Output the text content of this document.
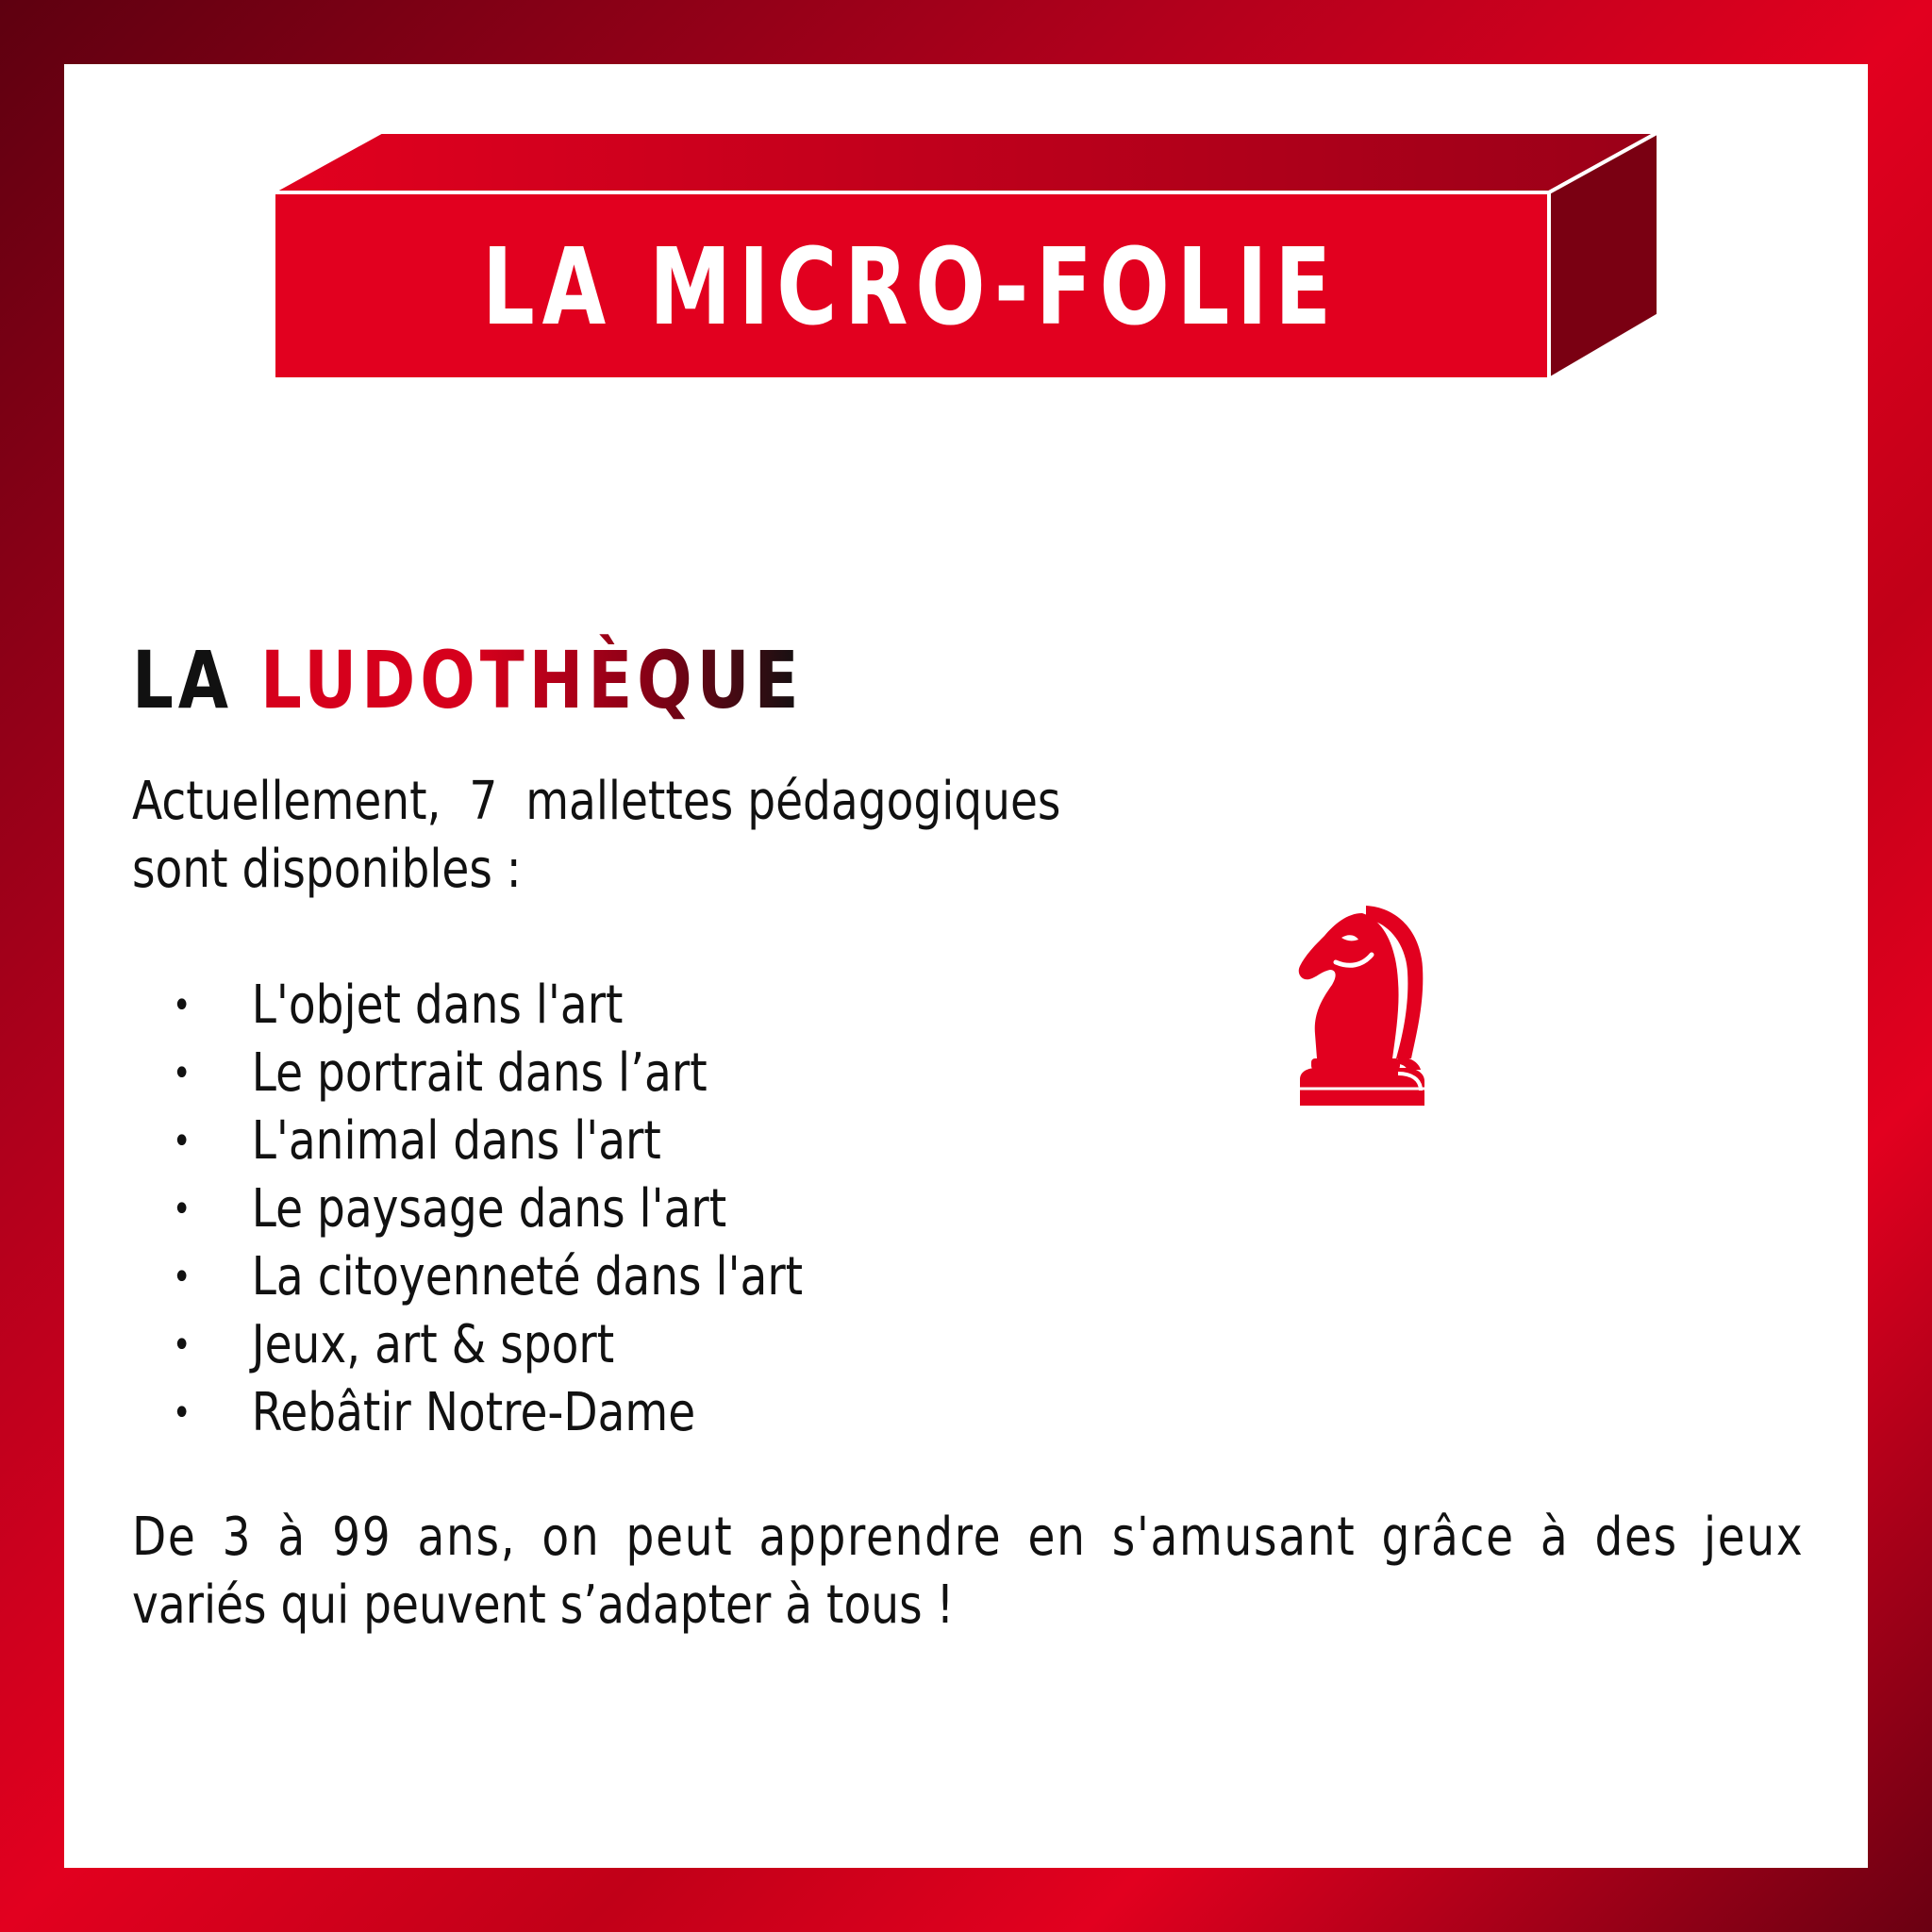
LA MICRO-FOLIE
LA LUDOTHÈQUE
Actuellement,  7  mallettes pédagogiques
sont disponibles :
•	L'objet dans l'art
•	Le portrait dans l’art
•	L'animal dans l'art
•	Le paysage dans l'art
•	La citoyenneté dans l'art
•	Jeux, art & sport
•	Rebâtir Notre-Dame
De 3 à 99 ans, on peut apprendre en s'amusant grâce à des jeux
variés qui peuvent s’adapter à tous !
